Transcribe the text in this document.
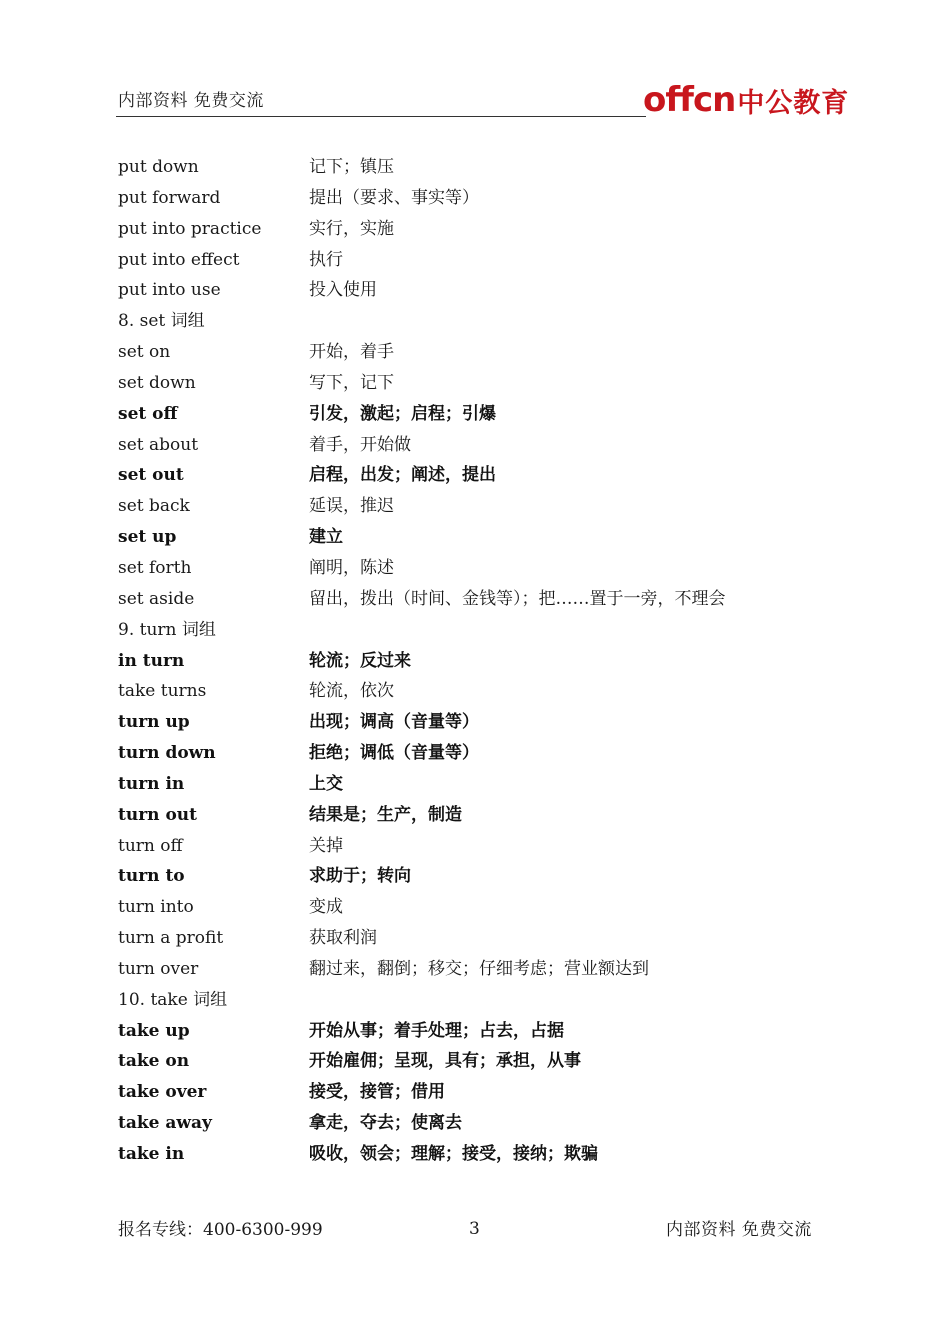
内部资料 免费交流	offcn中公教育
put down	记下；镇压
put forward	提出（要求、事实等）
put into practice	实行，实施
put into effect	执行
put into use	投入使用
8. set 词组
set on	开始，着手
set down	写下，记下
set off	引发，激起；启程；引爆
set about	着手，开始做
set out	启程，出发；阐述，提出
set back	延误，推迟
set up	建立
set forth	阐明，陈述
set aside	留出，拨出（时间、金钱等）；把……置于一旁，不理会
9. turn 词组
in turn	轮流；反过来
take turns	轮流，依次
turn up	出现；调高（音量等）
turn down	拒绝；调低（音量等）
turn in	上交
turn out	结果是；生产，制造
turn off	关掉
turn to	求助于；转向
turn into	变成
turn a profit	获取利润
turn over	翻过来，翻倒；移交；仔细考虑；营业额达到
10. take 词组
take up	开始从事；着手处理；占去，占据
take on	开始雇佣；呈现，具有；承担，从事
take over	接受，接管；借用
take away	拿走，夺去；使离去
take in	吸收，领会；理解；接受，接纳；欺骗
报名专线：400-6300-999	3	内部资料 免费交流
